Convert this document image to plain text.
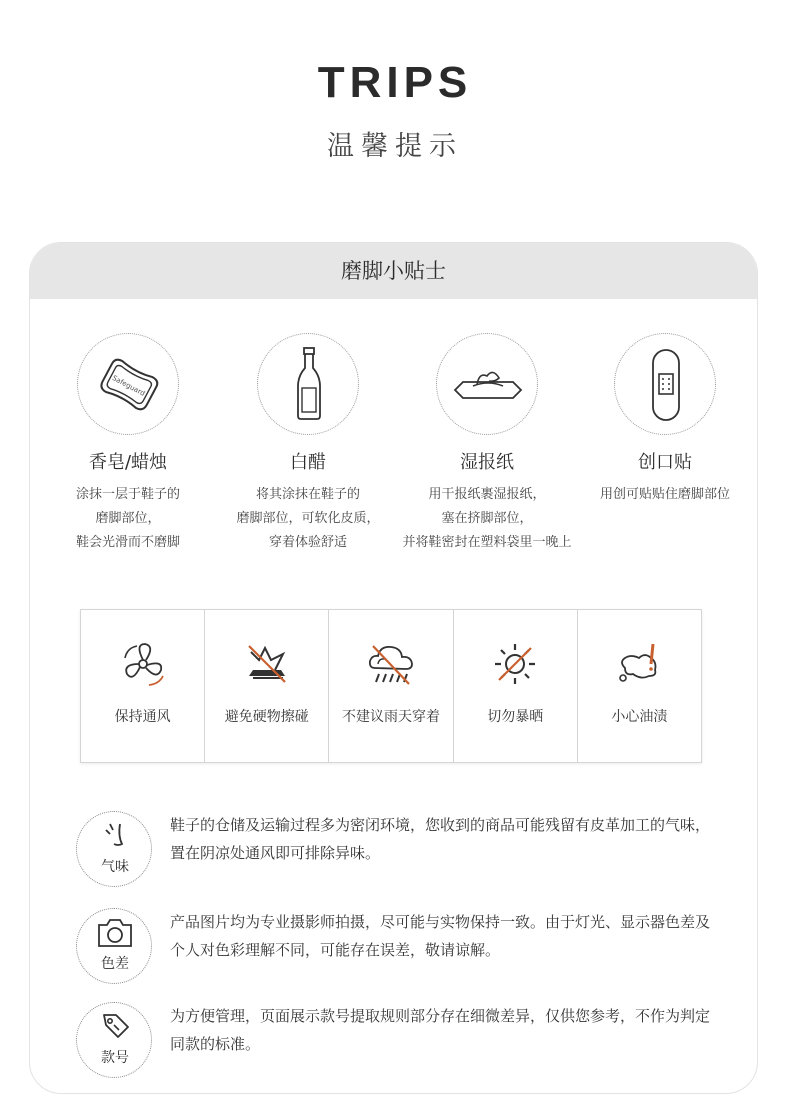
TRIPS
温馨提示
磨脚小贴士
Safeguard
香皂/蜡烛
涂抹一层于鞋子的
磨脚部位，
鞋会光滑而不磨脚
白醋
将其涂抹在鞋子的
磨脚部位，可软化皮质，
穿着体验舒适
湿报纸
用干报纸裹湿报纸，
塞在挤脚部位，
并将鞋密封在塑料袋里一晚上
创口贴
用创可贴贴住磨脚部位
保持通风	避免硬物擦碰	不建议雨天穿着	切勿暴晒	小心油渍
气味
鞋子的仓储及运输过程多为密闭环境，您收到的商品可能残留有皮革加工的气味，置在阴凉处通风即可排除异味。
色差
产品图片均为专业摄影师拍摄，尽可能与实物保持一致。由于灯光、显示器色差及个人对色彩理解不同，可能存在误差，敬请谅解。
款号
为方便管理，页面展示款号提取规则部分存在细微差异，仅供您参考，不作为判定同款的标准。
